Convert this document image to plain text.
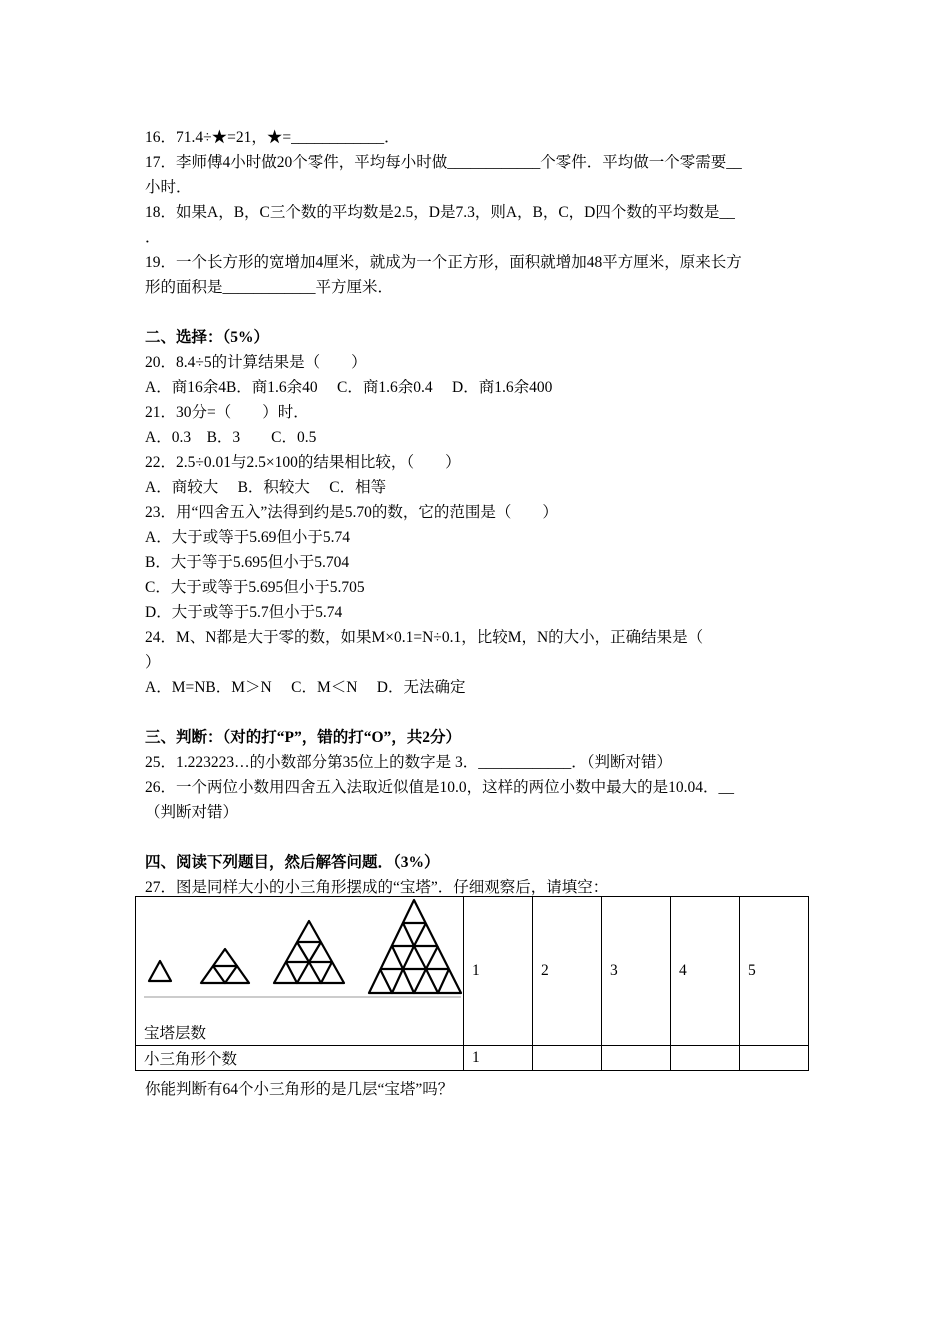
16．71.4÷★=21，★=____________．
17．李师傅4小时做20个零件，平均每小时做____________个零件．平均做一个零需要__
小时．
18．如果A，B，C三个数的平均数是2.5，D是7.3，则A，B，C，D四个数的平均数是__
．
19．一个长方形的宽增加4厘米，就成为一个正方形，面积就增加48平方厘米，原来长方
形的面积是____________平方厘米．
二、选择：（5%）
20．8.4÷5的计算结果是（　　）
A．商16余4B．商1.6余40　 C．商1.6余0.4　 D．商1.6余400
21．30分=（　　）时．
A．0.3　B．3　　C．0.5
22．2.5÷0.01与2.5×100的结果相比较，（　　）
A．商较大　 B．积较大　 C．相等
23．用“四舍五入”法得到约是5.70的数，它的范围是（　　）
A．大于或等于5.69但小于5.74
B．大于等于5.695但小于5.704
C．大于或等于5.695但小于5.705
D．大于或等于5.7但小于5.74
24．M、N都是大于零的数，如果M×0.1=N÷0.1，比较M，N的大小，正确结果是（
）
A．M=NB．M＞N　 C．M＜N　 D．无法确定
三、判断：（对的打“P”，错的打“O”，共2分）
25．1.223223…的小数部分第35位上的数字是 3．____________．（判断对错）
26．一个两位小数用四舍五入法取近似值是10.0，这样的两位小数中最大的是10.04．__
（判断对错）
四、阅读下列题目，然后解答问题．（3%）
27．图是同样大小的小三角形摆成的“宝塔”．仔细观察后，请填空：
宝塔层数	1	2	3	4	5
小三角形个数	1				
你能判断有64个小三角形的是几层“宝塔”吗？
